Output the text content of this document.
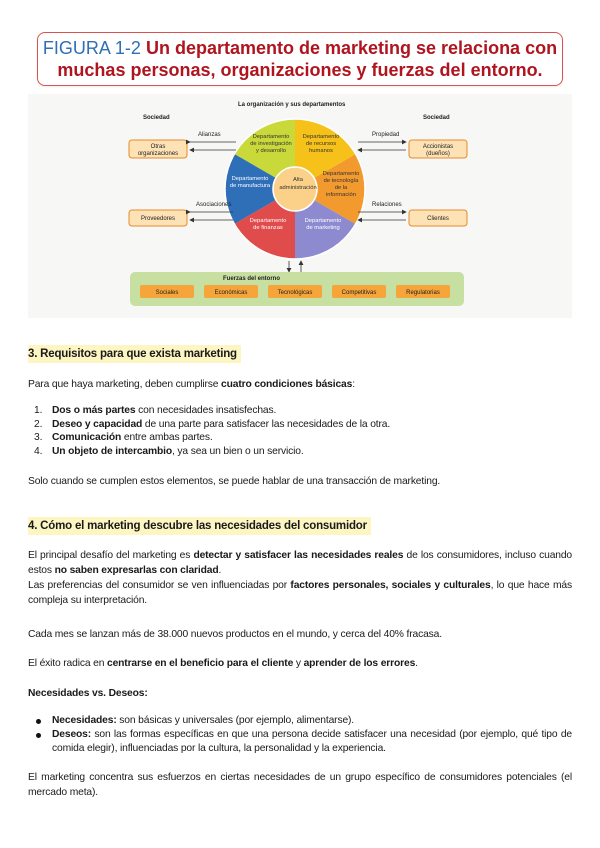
FIGURA 1-2 Un departamento de marketing se relaciona con
muchas personas, organizaciones y fuerzas del entorno.
La organización y sus departamentos
Sociedad	Sociedad
Alta
administración
Departamento
de investigación
y desarrollo
Departamento
de recursos
humanos
Departamento
de tecnología
de la
información
Departamento
de marketing
Departamento
de finanzas
Departamento
de manufactura
Otras
organizaciones
Proveedores
Accionistas
(dueños)
Clientes
Alianzas
Asociaciones
Propiedad
Relaciones
Fuerzas del entorno
Sociales	Económicas	Tecnológicas	Competitivas	Regulatorias
3. Requisitos para que exista marketing
Para que haya marketing, deben cumplirse cuatro condiciones básicas:
1. Dos o más partes con necesidades insatisfechas.
2. Deseo y capacidad de una parte para satisfacer las necesidades de la otra.
3. Comunicación entre ambas partes.
4. Un objeto de intercambio, ya sea un bien o un servicio.
Solo cuando se cumplen estos elementos, se puede hablar de una transacción de marketing.
4. Cómo el marketing descubre las necesidades del consumidor
El principal desafío del marketing es detectar y satisfacer las necesidades reales de los consumidores, incluso cuando estos no saben expresarlas con claridad.
Las preferencias del consumidor se ven influenciadas por factores personales, sociales y culturales, lo que hace más compleja su interpretación.
Cada mes se lanzan más de 38.000 nuevos productos en el mundo, y cerca del 40% fracasa.
El éxito radica en centrarse en el beneficio para el cliente y aprender de los errores.
Necesidades vs. Deseos:
Necesidades: son básicas y universales (por ejemplo, alimentarse).
Deseos: son las formas específicas en que una persona decide satisfacer una necesidad (por ejemplo, qué tipo de comida elegir), influenciadas por la cultura, la personalidad y la experiencia.
El marketing concentra sus esfuerzos en ciertas necesidades de un grupo específico de consumidores potenciales (el mercado meta).
